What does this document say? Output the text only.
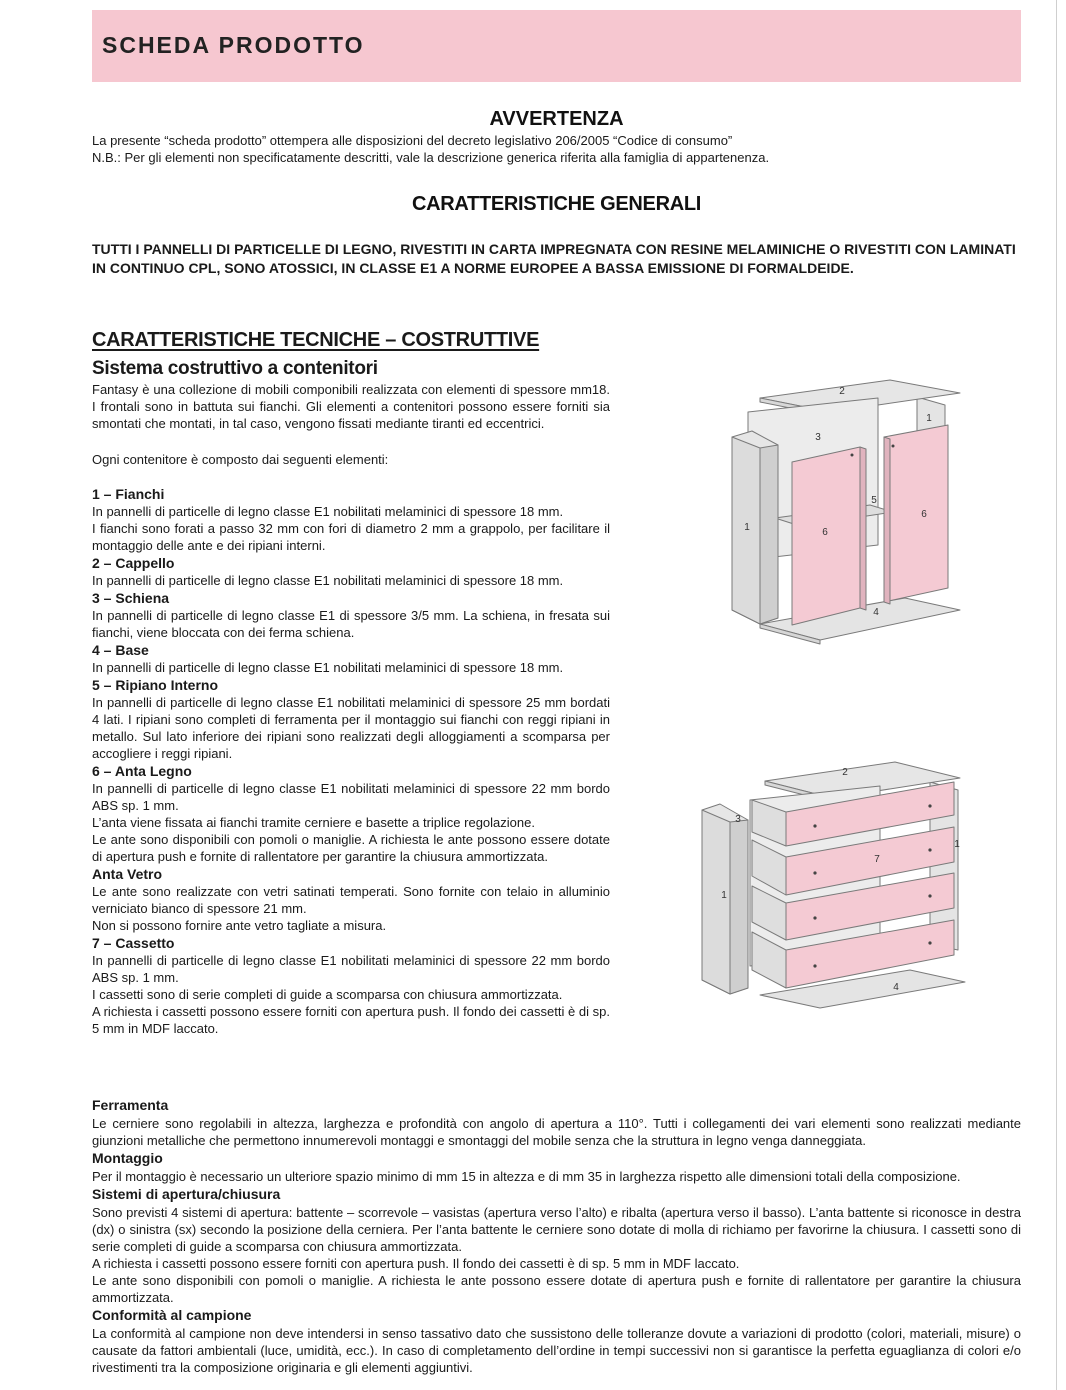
SCHEDA PRODOTTO
AVVERTENZA
La presente “scheda prodotto” ottempera alle disposizioni del decreto legislativo 206/2005 “Codice di consumo”
N.B.: Per gli elementi non specificatamente descritti, vale la descrizione generica riferita alla famiglia di appartenenza.
CARATTERISTICHE GENERALI
TUTTI I PANNELLI DI PARTICELLE DI LEGNO, RIVESTITI IN CARTA IMPREGNATA CON RESINE MELAMINICHE O RIVESTITI CON LAMINATI IN CONTINUO CPL, SONO ATOSSICI, IN CLASSE E1 A NORME EUROPEE A BASSA EMISSIONE DI FORMALDEIDE.
CARATTERISTICHE TECNICHE – COSTRUTTIVE
Sistema costruttivo a contenitori

Fantasy è una collezione di mobili componibili realizzata con elementi di spessore mm18. I frontali sono in battuta sui fianchi. Gli elementi a contenitori possono essere forniti sia smontati che montati, in tal caso, vengono fissati mediante tiranti ed eccentrici.

Ogni contenitore è composto dai seguenti elementi:

1 – Fianchi

In pannelli di particelle di legno classe E1 nobilitati melaminici di spessore 18 mm.

I fianchi sono forati a passo 32 mm con fori di diametro 2 mm a grappolo, per facilitare il montaggio delle ante e dei ripiani interni.

2 – Cappello

In pannelli di particelle di legno classe E1 nobilitati melaminici di spessore 18 mm.

3 – Schiena

In pannelli di particelle di legno classe E1 di spessore 3/5 mm. La schiena, in fresata sui fianchi, viene bloccata con dei ferma schiena.

4 – Base

In pannelli di particelle di legno classe E1 nobilitati melaminici di spessore 18 mm.

5 – Ripiano Interno

In pannelli di particelle di legno classe E1 nobilitati melaminici di spessore 25 mm bordati 4 lati. I ripiani sono completi di ferramenta per il montaggio sui fianchi con reggi ripiani in metallo. Sul lato inferiore dei ripiani sono realizzati degli alloggiamenti a scomparsa per accogliere i reggi ripiani.

6 – Anta Legno

In pannelli di particelle di legno classe E1 nobilitati melaminici di spessore 22 mm bordo ABS sp. 1 mm.

L’anta viene fissata ai fianchi tramite cerniere e basette a triplice regolazione.

Le ante sono disponibili con pomoli o maniglie. A richiesta le ante possono essere dotate di apertura push e fornite di rallentatore per garantire la chiusura ammortizzata.

Anta Vetro

Le ante sono realizzate con vetri satinati temperati. Sono fornite con telaio in alluminio verniciato bianco di spessore 21 mm.

Non si possono fornire ante vetro tagliate a misura.

7 – Cassetto

In pannelli di particelle di legno classe E1 nobilitati melaminici di spessore 22 mm bordo ABS sp. 1 mm.

I cassetti sono di serie completi di guide a scomparsa con chiusura ammortizzata.

A richiesta i cassetti possono essere forniti con apertura push. Il fondo dei cassetti è di sp. 5 mm in MDF laccato.

2
1
3
1
5
6
6
4
2
3
1
7
1
4

Ferramenta

Le cerniere sono regolabili in altezza, larghezza e profondità con angolo di apertura a 110°. Tutti i collegamenti dei vari elementi sono realizzati mediante giunzioni metalliche che permettono innumerevoli montaggi e smontaggi del mobile senza che la struttura in legno venga danneggiata.

Montaggio

Per il montaggio è necessario un ulteriore spazio minimo di mm 15 in altezza e di mm 35 in larghezza rispetto alle dimensioni totali della composizione.

Sistemi di apertura/chiusura

Sono previsti 4 sistemi di apertura: battente – scorrevole – vasistas (apertura verso l’alto) e ribalta (apertura verso il basso). L’anta battente si riconosce in destra (dx) o sinistra (sx) secondo la posizione della cerniera. Per l’anta battente le cerniere sono dotate di molla di richiamo per favorirne la chiusura. I cassetti sono di serie completi di guide a scomparsa con chiusura ammortizzata.

A richiesta i cassetti possono essere forniti con apertura push. Il fondo dei cassetti è di sp. 5 mm in MDF laccato.

Le ante sono disponibili con pomoli o maniglie. A richiesta le ante possono essere dotate di apertura push e fornite di rallentatore per garantire la chiusura ammortizzata.

Conformità al campione

La conformità al campione non deve intendersi in senso tassativo dato che sussistono delle tolleranze dovute a variazioni di prodotto (colori, materiali, misure) o causate da fattori ambientali (luce, umidità, ecc.). In caso di completamento dell’ordine in tempi successivi non si garantisce la perfetta eguaglianza di colori e/o rivestimenti tra la composizione originaria e gli elementi aggiuntivi.
